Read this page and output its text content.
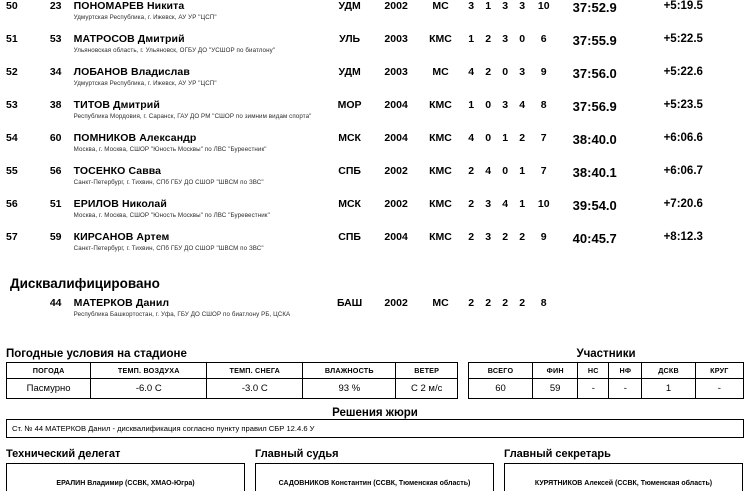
50	23	ПОНОМАРЕВ Никита
Удмуртская Республика, г. Ижевск, АУ УР "ЦСП"
	УДМ	2002	МС	3	1	3	3	10	37:52.9	+5:19.5
51	53	МАТРОСОВ Дмитрий
Ульяновская область, г. Ульяновск, ОГБУ ДО "УСШОР по биатлону"
	УЛЬ	2003	КМС	1	2	3	0	6	37:55.9	+5:22.5
52	34	ЛОБАНОВ Владислав
Удмуртская Республика, г. Ижевск, АУ УР "ЦСП"
	УДМ	2003	МС	4	2	0	3	9	37:56.0	+5:22.6
53	38	ТИТОВ Дмитрий
Республика Мордовия, г. Саранск, ГАУ ДО РМ "СШОР по зимним видам спорта"
	МОР	2004	КМС	1	0	3	4	8	37:56.9	+5:23.5
54	60	ПОМНИКОВ Александр
Москва, г. Москва, СШОР "Юность Москвы" по ЛВС "Бурееcтник"
	МСК	2004	КМС	4	0	1	2	7	38:40.0	+6:06.6
55	56	ТОСЕНКО Савва
Санкт-Петербург, г. Тихвин, СПб ГБУ ДО СШОР "ШВСМ по ЗВС"
	СПБ	2002	КМС	2	4	0	1	7	38:40.1	+6:06.7
56	51	ЕРИЛОВ Николай
Москва, г. Москва, СШОР "Юность Москвы" по ЛВС "Буревестник"
	МСК	2002	КМС	2	3	4	1	10	39:54.0	+7:20.6
57	59	КИРСАНОВ Артем
Санкт-Петербург, г. Тихвин, СПб ГБУ ДО СШОР "ШВСМ по ЗВС"
	СПБ	2004	КМС	2	3	2	2	9	40:45.7	+8:12.3
Дисквалифицировано
	44	МАТЕРКОВ Данил
Республика Башкортостан, г. Уфа, ГБУ ДО СШОР по биатлону РБ, ЦСКА
	БАШ	2002	МС	2	2	2	2	8

Погодные условия на стадионе
ПОГОДА	ТЕМП. ВОЗДУХА	ТЕМП. СНЕГА	ВЛАЖНОСТЬ	ВЕТЕР
Пасмурно	-6.0 С	-3.0 С	93 %	С 2 м/с
Участники
ВСЕГО	ФИН	НС	НФ	ДСКВ	КРУГ
60	59	-	-	1	-
Решения жюри
Ст. № 44 МАТЕРКОВ Данил - дисквалификация согласно пункту правил СБР 12.4.6 У
Технический делегат
ЕРАЛИН Владимир (ССВК, ХМАО-Югра)
Главный судья
САДОВНИКОВ Константин (ССВК, Тюменская область)
Главный секретарь
КУРЯТНИКОВ Алексей (ССВК, Тюменская область)
